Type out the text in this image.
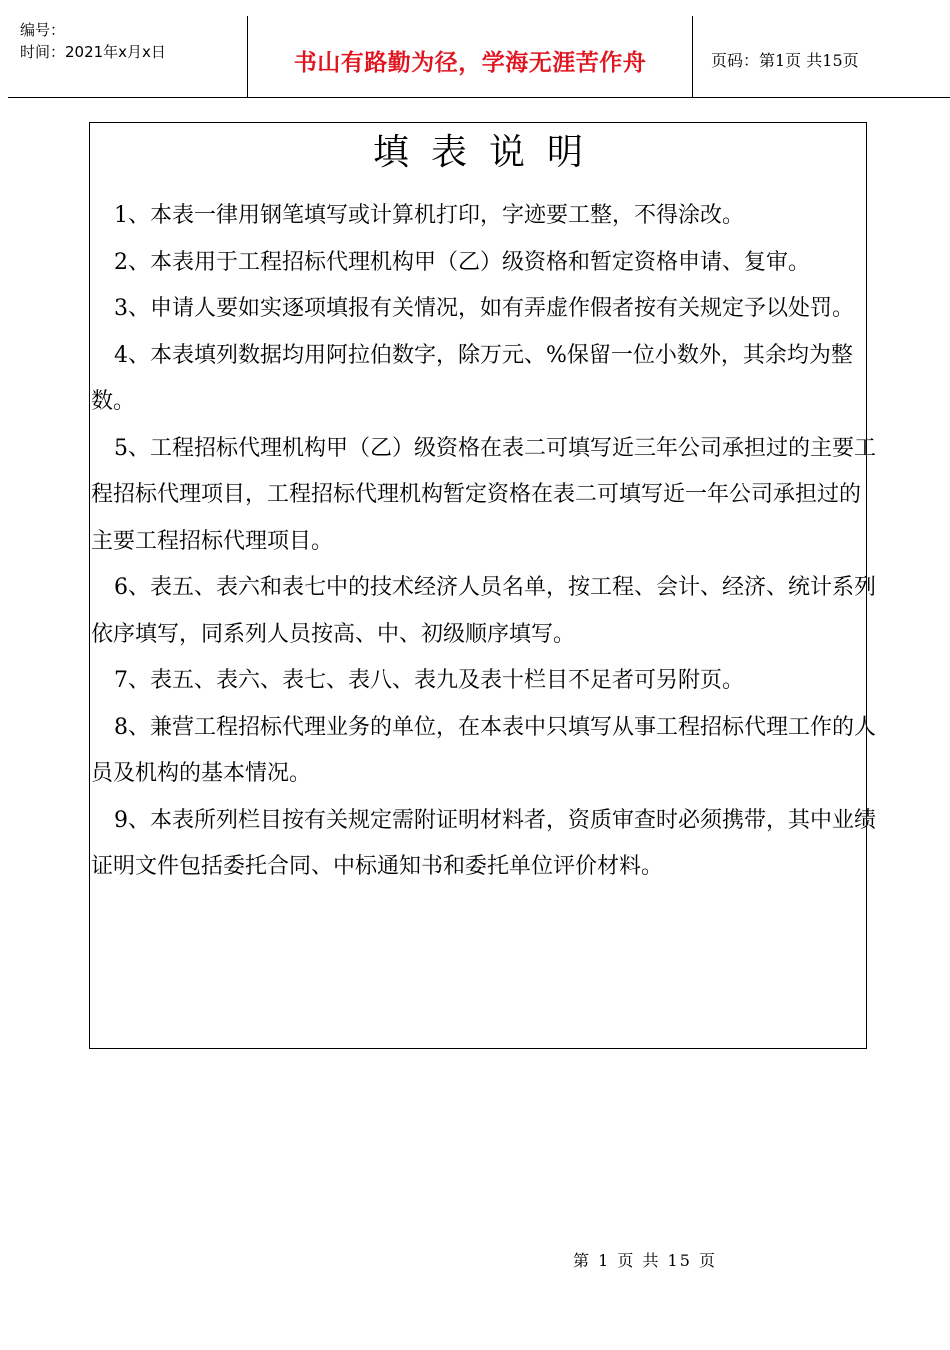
编号：
时间：2021年x月x日	书山有路勤为径，学海无涯苦作舟	页码：第1页 共15页
填表说明

1、本表一律用钢笔填写或计算机打印，字迹要工整，不得涂改。

2、本表用于工程招标代理机构甲（乙）级资格和暂定资格申请、复审。

3、申请人要如实逐项填报有关情况，如有弄虚作假者按有关规定予以处罚。

4、本表填列数据均用阿拉伯数字，除万元、%保留一位小数外，其余均为整数。

5、工程招标代理机构甲（乙）级资格在表二可填写近三年公司承担过的主要工程招标代理项目，工程招标代理机构暂定资格在表二可填写近一年公司承担过的主要工程招标代理项目。

6、表五、表六和表七中的技术经济人员名单，按工程、会计、经济、统计系列依序填写，同系列人员按高、中、初级顺序填写。

7、表五、表六、表七、表八、表九及表十栏目不足者可另附页。

8、兼营工程招标代理业务的单位，在本表中只填写从事工程招标代理工作的人员及机构的基本情况。

9、本表所列栏目按有关规定需附证明材料者，资质审查时必须携带，其中业绩证明文件包括委托合同、中标通知书和委托单位评价材料。

第 1 页 共 15 页
